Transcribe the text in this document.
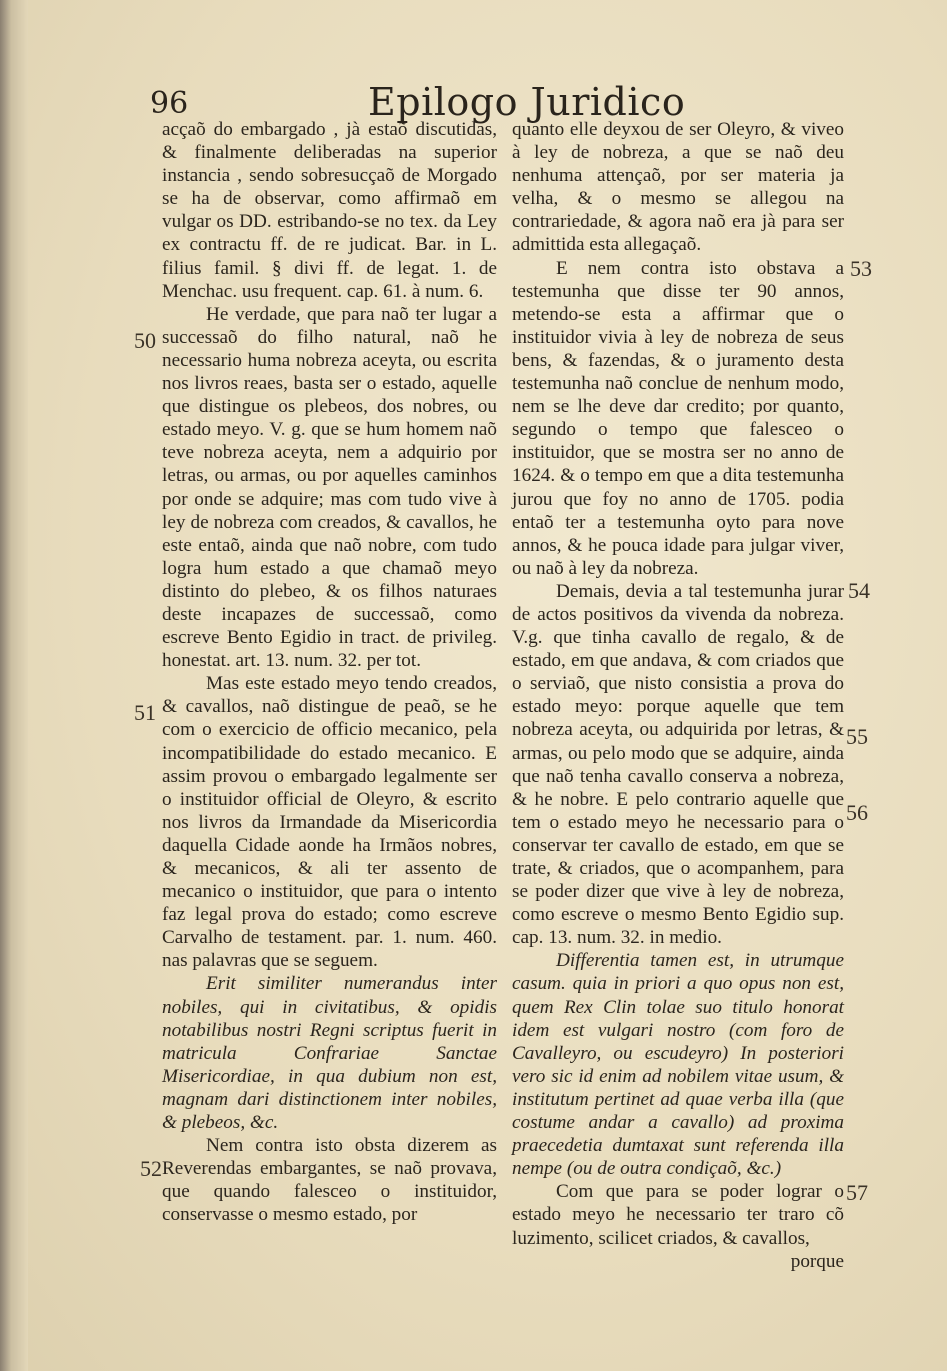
96	Epilogo Juridico

acçaõ do embargado , jà estaõ discutidas, & finalmente deliberadas na superior instancia , sendo sobresucçaõ de Morgado se ha de observar, como affirmaõ em vulgar os DD. estribando-se no tex. da Ley ex contractu ff. de re judicat. Bar. in L. filius famil. § divi ff. de legat. 1. de Menchac. usu frequent. cap. 61. à num. 6.

He verdade, que para naõ ter lugar a successaõ do filho natural, naõ he necessario huma nobreza aceyta, ou escrita nos livros reaes, basta ser o estado, aquelle que distingue os plebeos, dos nobres, ou estado meyo. V. g. que se hum homem naõ teve nobreza aceyta, nem a adquirio por letras, ou armas, ou por aquelles caminhos por onde se adquire; mas com tudo vive à ley de nobreza com creados, & cavallos, he este entaõ, ainda que naõ nobre, com tudo logra hum estado a que chamaõ meyo distinto do plebeo, & os filhos naturaes deste incapazes de successaõ, como escreve Bento Egidio in tract. de privileg. honestat. art. 13. num. 32. per tot.

Mas este estado meyo tendo creados, & cavallos, naõ distingue de peaõ, se he com o exercicio de officio mecanico, pela incompatibilidade do estado mecanico. E assim provou o embargado legalmente ser o instituidor official de Oleyro, & escrito nos livros da Irmandade da Misericordia daquella Cidade aonde ha Irmãos nobres, & mecanicos, & ali ter assento de mecanico o instituidor, que para o intento faz legal prova do estado; como escreve Carvalho de testament. par. 1. num. 460. nas palavras que se seguem.

Erit similiter numerandus inter nobiles, qui in civitatibus, & opidis notabilibus nostri Regni scriptus fuerit in matricula Confrariae Sanctae Misericordiae, in qua dubium non est, magnam dari distinctionem inter nobiles, & plebeos, &c.

Nem contra isto obsta dizerem as Reverendas embargantes, se naõ provava, que quando falesceo o instituidor, conservasse o mesmo estado, por

quanto elle deyxou de ser Oleyro, & viveo à ley de nobreza, a que se naõ deu nenhuma attençaõ, por ser materia ja velha, & o mesmo se allegou na contrariedade, & agora naõ era jà para ser admittida esta allegaçaõ.

E nem contra isto obstava a testemunha que disse ter 90 annos, metendo-se esta a affirmar que o instituidor vivia à ley de nobreza de seus bens, & fazendas, & o juramento desta testemunha naõ conclue de nenhum modo, nem se lhe deve dar credito; por quanto, segundo o tempo que falesceo o instituidor, que se mostra ser no anno de 1624. & o tempo em que a dita testemunha jurou que foy no anno de 1705. podia entaõ ter a testemunha oyto para nove annos, & he pouca idade para julgar viver, ou naõ à ley da nobreza.

Demais, devia a tal testemunha jurar de actos positivos da vivenda da nobreza. V.g. que tinha cavallo de regalo, & de estado, em que andava, & com criados que o serviaõ, que nisto consistia a prova do estado meyo: porque aquelle que tem nobreza aceyta, ou adquirida por letras, & armas, ou pelo modo que se adquire, ainda que naõ tenha cavallo conserva a nobreza, & he nobre. E pelo contrario aquelle que tem o estado meyo he necessario para o conservar ter cavallo de estado, em que se trate, & criados, que o acompanhem, para se poder dizer que vive à ley de nobreza, como escreve o mesmo Bento Egidio sup. cap. 13. num. 32. in medio.

Differentia tamen est, in utrumque casum. quia in priori a quo opus non est, quem Rex Clin tolae suo titulo honorat idem est vulgari nostro (com foro de Cavalleyro, ou escudeyro) In posteriori vero sic id enim ad nobilem vitae usum, & institutum pertinet ad quae verba illa (que costume andar a cavallo) ad proxima praecedetia dumtaxat sunt referenda illa nempe (ou de outra condiçaõ, &c.)

Com que para se poder lograr o estado meyo he necessario ter traro cõ luzimento, scilicet criados, & cavallos,

porque

50
51
52
53
54
55
56
57
